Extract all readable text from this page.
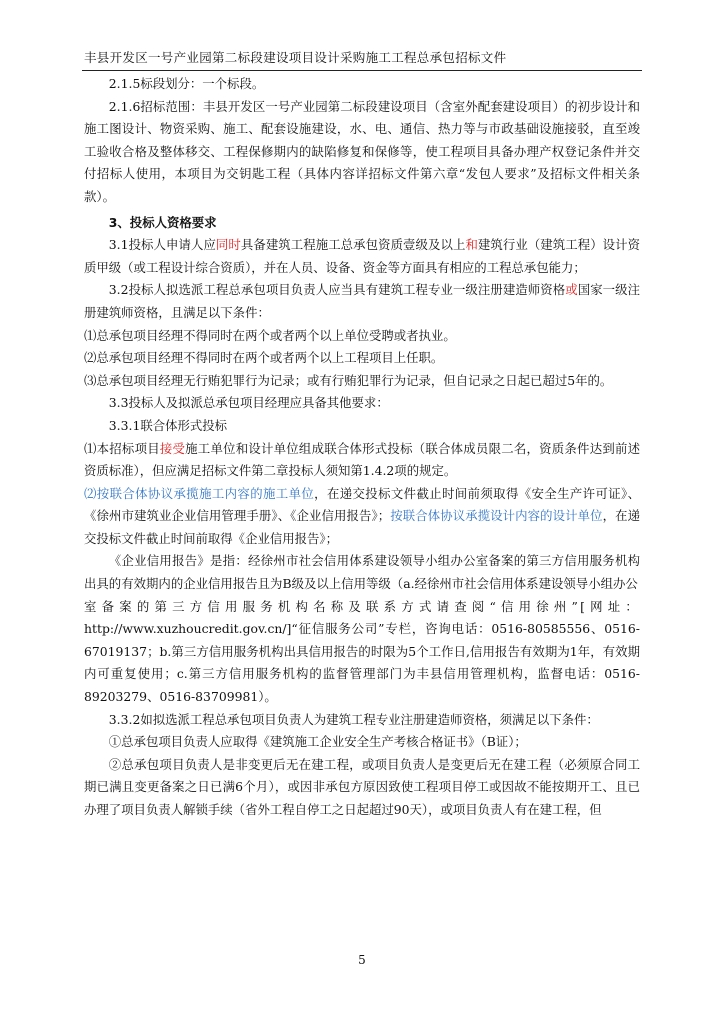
丰县开发区一号产业园第二标段建设项目设计采购施工工程总承包招标文件

2.1.5标段划分：一个标段。

2.1.6招标范围：丰县开发区一号产业园第二标段建设项目（含室外配套建设项目）的初步设计和施工图设计、物资采购、施工、配套设施建设，水、电、通信、热力等与市政基础设施接驳，直至竣工验收合格及整体移交、工程保修期内的缺陷修复和保修等，使工程项目具备办理产权登记条件并交付招标人使用，本项目为交钥匙工程（具体内容详招标文件第六章“发包人要求”及招标文件相关条款）。

3、投标人资格要求

3.1投标人申请人应同时具备建筑工程施工总承包资质壹级及以上和建筑行业（建筑工程）设计资质甲级（或工程设计综合资质），并在人员、设备、资金等方面具有相应的工程总承包能力；

3.2投标人拟选派工程总承包项目负责人应当具有建筑工程专业一级注册建造师资格或国家一级注册建筑师资格，且满足以下条件：

⑴总承包项目经理不得同时在两个或者两个以上单位受聘或者执业。

⑵总承包项目经理不得同时在两个或者两个以上工程项目上任职。

⑶总承包项目经理无行贿犯罪行为记录；或有行贿犯罪行为记录，但自记录之日起已超过5年的。

3.3投标人及拟派总承包项目经理应具备其他要求：

3.3.1联合体形式投标

⑴本招标项目接受施工单位和设计单位组成联合体形式投标（联合体成员限二名，资质条件达到前述资质标准），但应满足招标文件第二章投标人须知第1.4.2项的规定。

⑵按联合体协议承揽施工内容的施工单位，在递交投标文件截止时间前须取得《安全生产许可证》、《徐州市建筑业企业信用管理手册》、《企业信用报告》；按联合体协议承揽设计内容的设计单位，在递交投标文件截止时间前取得《企业信用报告》；

《企业信用报告》是指：经徐州市社会信用体系建设领导小组办公室备案的第三方信用服务机构出具的有效期内的企业信用报告且为B级及以上信用等级（a.经徐州市社会信用体系建设领导小组办公室备案的第三方信用服务机构名称及联系方式请查阅“信用徐州”[网址：http://www.xuzhoucredit.gov.cn/]“征信服务公司”专栏，咨询电话：0516-80585556、0516-67019137；b.第三方信用服务机构出具信用报告的时限为5个工作日,信用报告有效期为1年，有效期内可重复使用；c.第三方信用服务机构的监督管理部门为丰县信用管理机构，监督电话：0516-89203279、0516-83709981）。

3.3.2如拟选派工程总承包项目负责人为建筑工程专业注册建造师资格，须满足以下条件：

①总承包项目负责人应取得《建筑施工企业安全生产考核合格证书》（B证）；

②总承包项目负责人是非变更后无在建工程，或项目负责人是变更后无在建工程（必须原合同工期已满且变更备案之日已满6个月），或因非承包方原因致使工程项目停工或因故不能按期开工、且已办理了项目负责人解锁手续（省外工程自停工之日起超过90天），或项目负责人有在建工程，但

5
